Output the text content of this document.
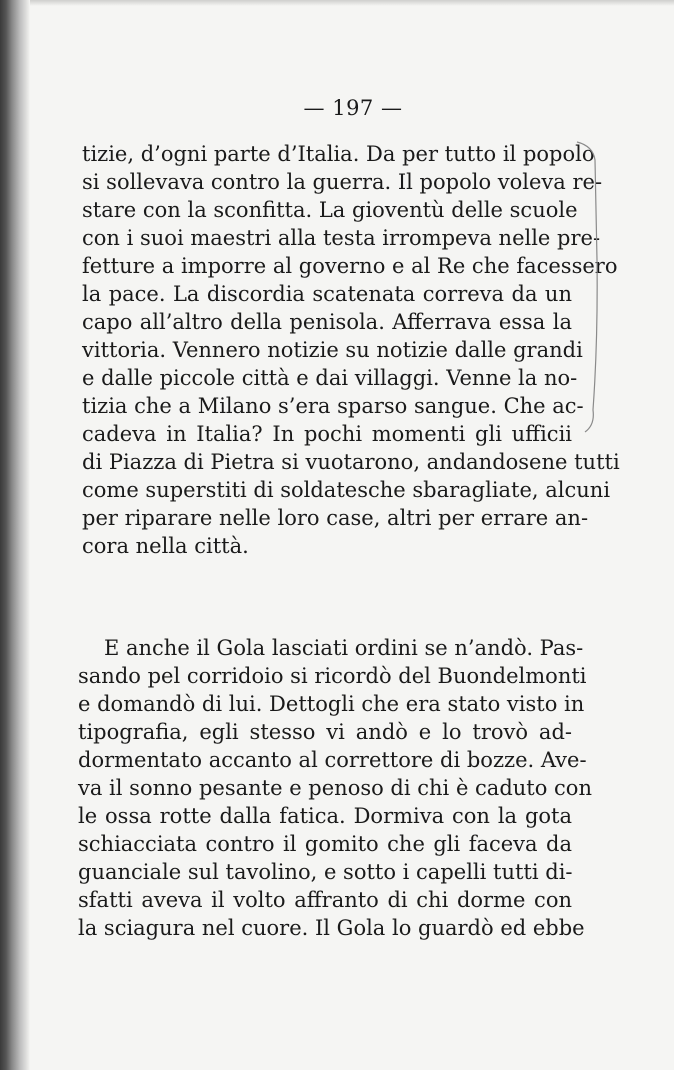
— 197 —
tizie, d’ogni parte d’Italia. Da per tutto il popolo
si sollevava contro la guerra. Il popolo voleva re-
stare con la sconfitta. La gioventù delle scuole
con i suoi maestri alla testa irrompeva nelle pre-
fetture a imporre al governo e al Re che facessero
la pace. La discordia scatenata correva da un
capo all’altro della penisola. Afferrava essa la
vittoria. Vennero notizie su notizie dalle grandi
e dalle piccole città e dai villaggi. Venne la no-
tizia che a Milano s’era sparso sangue. Che ac-
cadeva in Italia? In pochi momenti gli ufficii
di Piazza di Pietra si vuotarono, andandosene tutti
come superstiti di soldatesche sbaragliate, alcuni
per riparare nelle loro case, altri per errare an-
cora nella città.
E anche il Gola lasciati ordini se n’andò. Pas-
sando pel corridoio si ricordò del Buondelmonti
e domandò di lui. Dettogli che era stato visto in
tipografia, egli stesso vi andò e lo trovò ad-
dormentato accanto al correttore di bozze. Ave-
va il sonno pesante e penoso di chi è caduto con
le ossa rotte dalla fatica. Dormiva con la gota
schiacciata contro il gomito che gli faceva da
guanciale sul tavolino, e sotto i capelli tutti di-
sfatti aveva il volto affranto di chi dorme con
la sciagura nel cuore. Il Gola lo guardò ed ebbe
